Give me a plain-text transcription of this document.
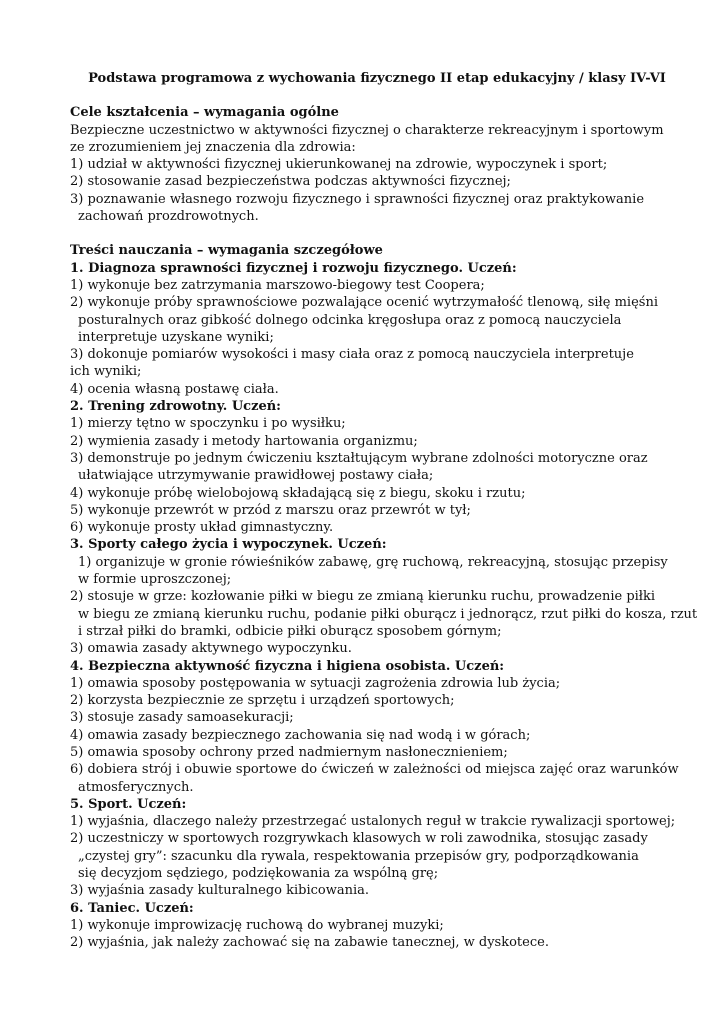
Podstawa programowa z wychowania fizycznego II etap edukacyjny / klasy IV-VI
Cele kształcenia – wymagania ogólne
Bezpieczne uczestnictwo w aktywności fizycznej o charakterze rekreacyjnym i sportowym
ze zrozumieniem jej znaczenia dla zdrowia:
1) udział w aktywności fizycznej ukierunkowanej na zdrowie, wypoczynek i sport;
2) stosowanie zasad bezpieczeństwa podczas aktywności fizycznej;
3) poznawanie własnego rozwoju fizycznego i sprawności fizycznej oraz praktykowanie
zachowań prozdrowotnych.
Treści nauczania – wymagania szczegółowe
1. Diagnoza sprawności fizycznej i rozwoju fizycznego. Uczeń:
1) wykonuje bez zatrzymania marszowo-biegowy test Coopera;
2) wykonuje próby sprawnościowe pozwalające ocenić wytrzymałość tlenową, siłę mięśni
posturalnych oraz gibkość dolnego odcinka kręgosłupa oraz z pomocą nauczyciela
interpretuje uzyskane wyniki;
3) dokonuje pomiarów wysokości i masy ciała oraz z pomocą nauczyciela interpretuje
ich wyniki;
4) ocenia własną postawę ciała.
2. Trening zdrowotny. Uczeń:
1) mierzy tętno w spoczynku i po wysiłku;
2) wymienia zasady i metody hartowania organizmu;
3) demonstruje po jednym ćwiczeniu kształtującym wybrane zdolności motoryczne oraz
ułatwiające utrzymywanie prawidłowej postawy ciała;
4) wykonuje próbę wielobojową składającą się z biegu, skoku i rzutu;
5) wykonuje przewrót w przód z marszu oraz przewrót w tył;
6) wykonuje prosty układ gimnastyczny.
3. Sporty całego życia i wypoczynek. Uczeń:
1) organizuje w gronie rówieśników zabawę, grę ruchową, rekreacyjną, stosując przepisy
w formie uproszczonej;
2) stosuje w grze: kozłowanie piłki w biegu ze zmianą kierunku ruchu, prowadzenie piłki
w biegu ze zmianą kierunku ruchu, podanie piłki oburącz i jednorącz, rzut piłki do kosza, rzut
i strzał piłki do bramki, odbicie piłki oburącz sposobem górnym;
3) omawia zasady aktywnego wypoczynku.
4. Bezpieczna aktywność fizyczna i higiena osobista. Uczeń:
1) omawia sposoby postępowania w sytuacji zagrożenia zdrowia lub życia;
2) korzysta bezpiecznie ze sprzętu i urządzeń sportowych;
3) stosuje zasady samoasekuracji;
4) omawia zasady bezpiecznego zachowania się nad wodą i w górach;
5) omawia sposoby ochrony przed nadmiernym nasłonecznieniem;
6) dobiera strój i obuwie sportowe do ćwiczeń w zależności od miejsca zajęć oraz warunków
atmosferycznych.
5. Sport. Uczeń:
1) wyjaśnia, dlaczego należy przestrzegać ustalonych reguł w trakcie rywalizacji sportowej;
2) uczestniczy w sportowych rozgrywkach klasowych w roli zawodnika, stosując zasady
„czystej gry”: szacunku dla rywala, respektowania przepisów gry, podporządkowania
się decyzjom sędziego, podziękowania za wspólną grę;
3) wyjaśnia zasady kulturalnego kibicowania.
6. Taniec. Uczeń:
1) wykonuje improwizację ruchową do wybranej muzyki;
2) wyjaśnia, jak należy zachować się na zabawie tanecznej, w dyskotece.
